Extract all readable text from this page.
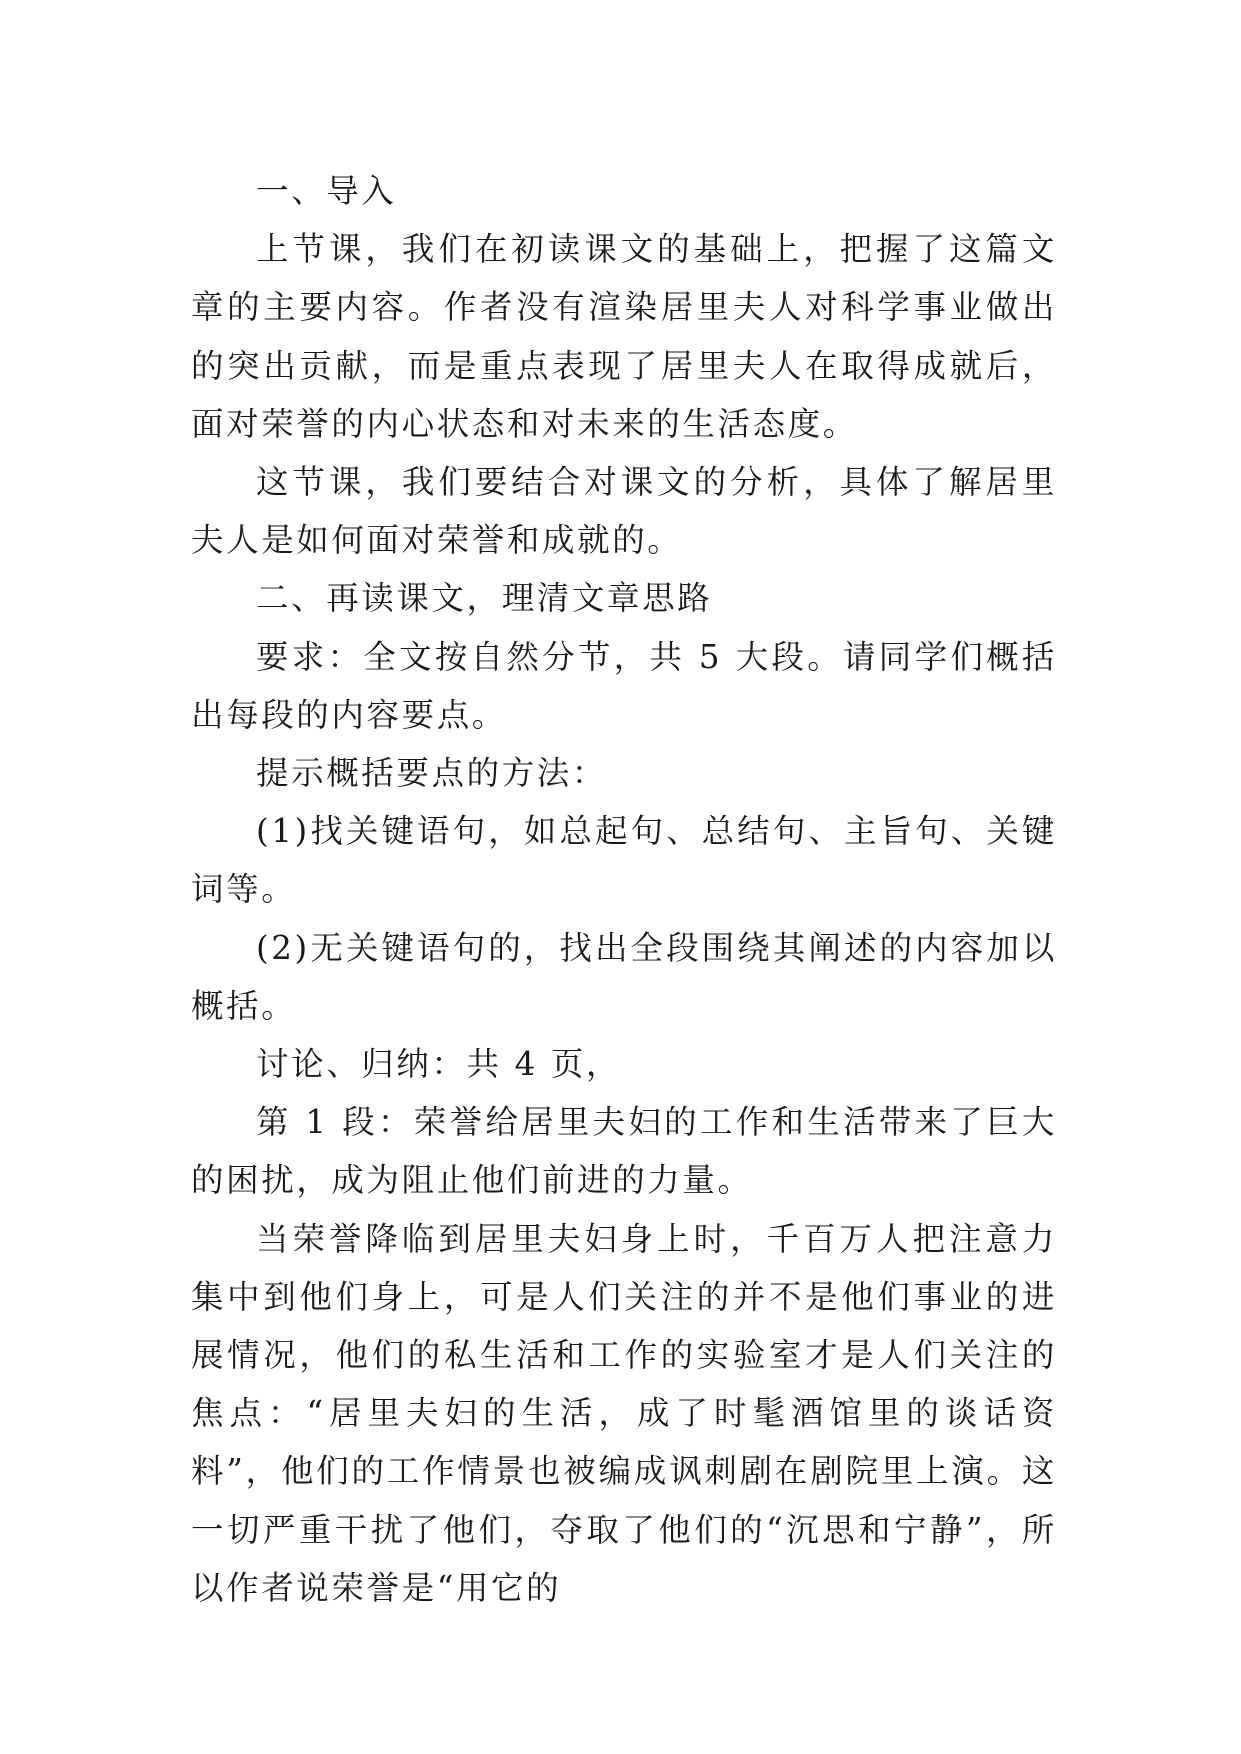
一、导入

上节课，我们在初读课文的基础上，把握了这篇文章的主要内容。作者没有渲染居里夫人对科学事业做出的突出贡献，而是重点表现了居里夫人在取得成就后，面对荣誉的内心状态和对未来的生活态度。

这节课，我们要结合对课文的分析，具体了解居里夫人是如何面对荣誉和成就的。

二、再读课文，理清文章思路

要求：全文按自然分节，共 5 大段。请同学们概括出每段的内容要点。

提示概括要点的方法：

(1)找关键语句，如总起句、总结句、主旨句、关键词等。

(2)无关键语句的，找出全段围绕其阐述的内容加以概括。

讨论、归纳：共 4 页，

第 1 段：荣誉给居里夫妇的工作和生活带来了巨大的困扰，成为阻止他们前进的力量。

当荣誉降临到居里夫妇身上时，千百万人把注意力集中到他们身上，可是人们关注的并不是他们事业的进展情况，他们的私生活和工作的实验室才是人们关注的焦点：“居里夫妇的生活，成了时髦酒馆里的谈话资料”，他们的工作情景也被编成讽刺剧在剧院里上演。这一切严重干扰了他们，夺取了他们的“沉思和宁静”，所以作者说荣誉是“用它的
